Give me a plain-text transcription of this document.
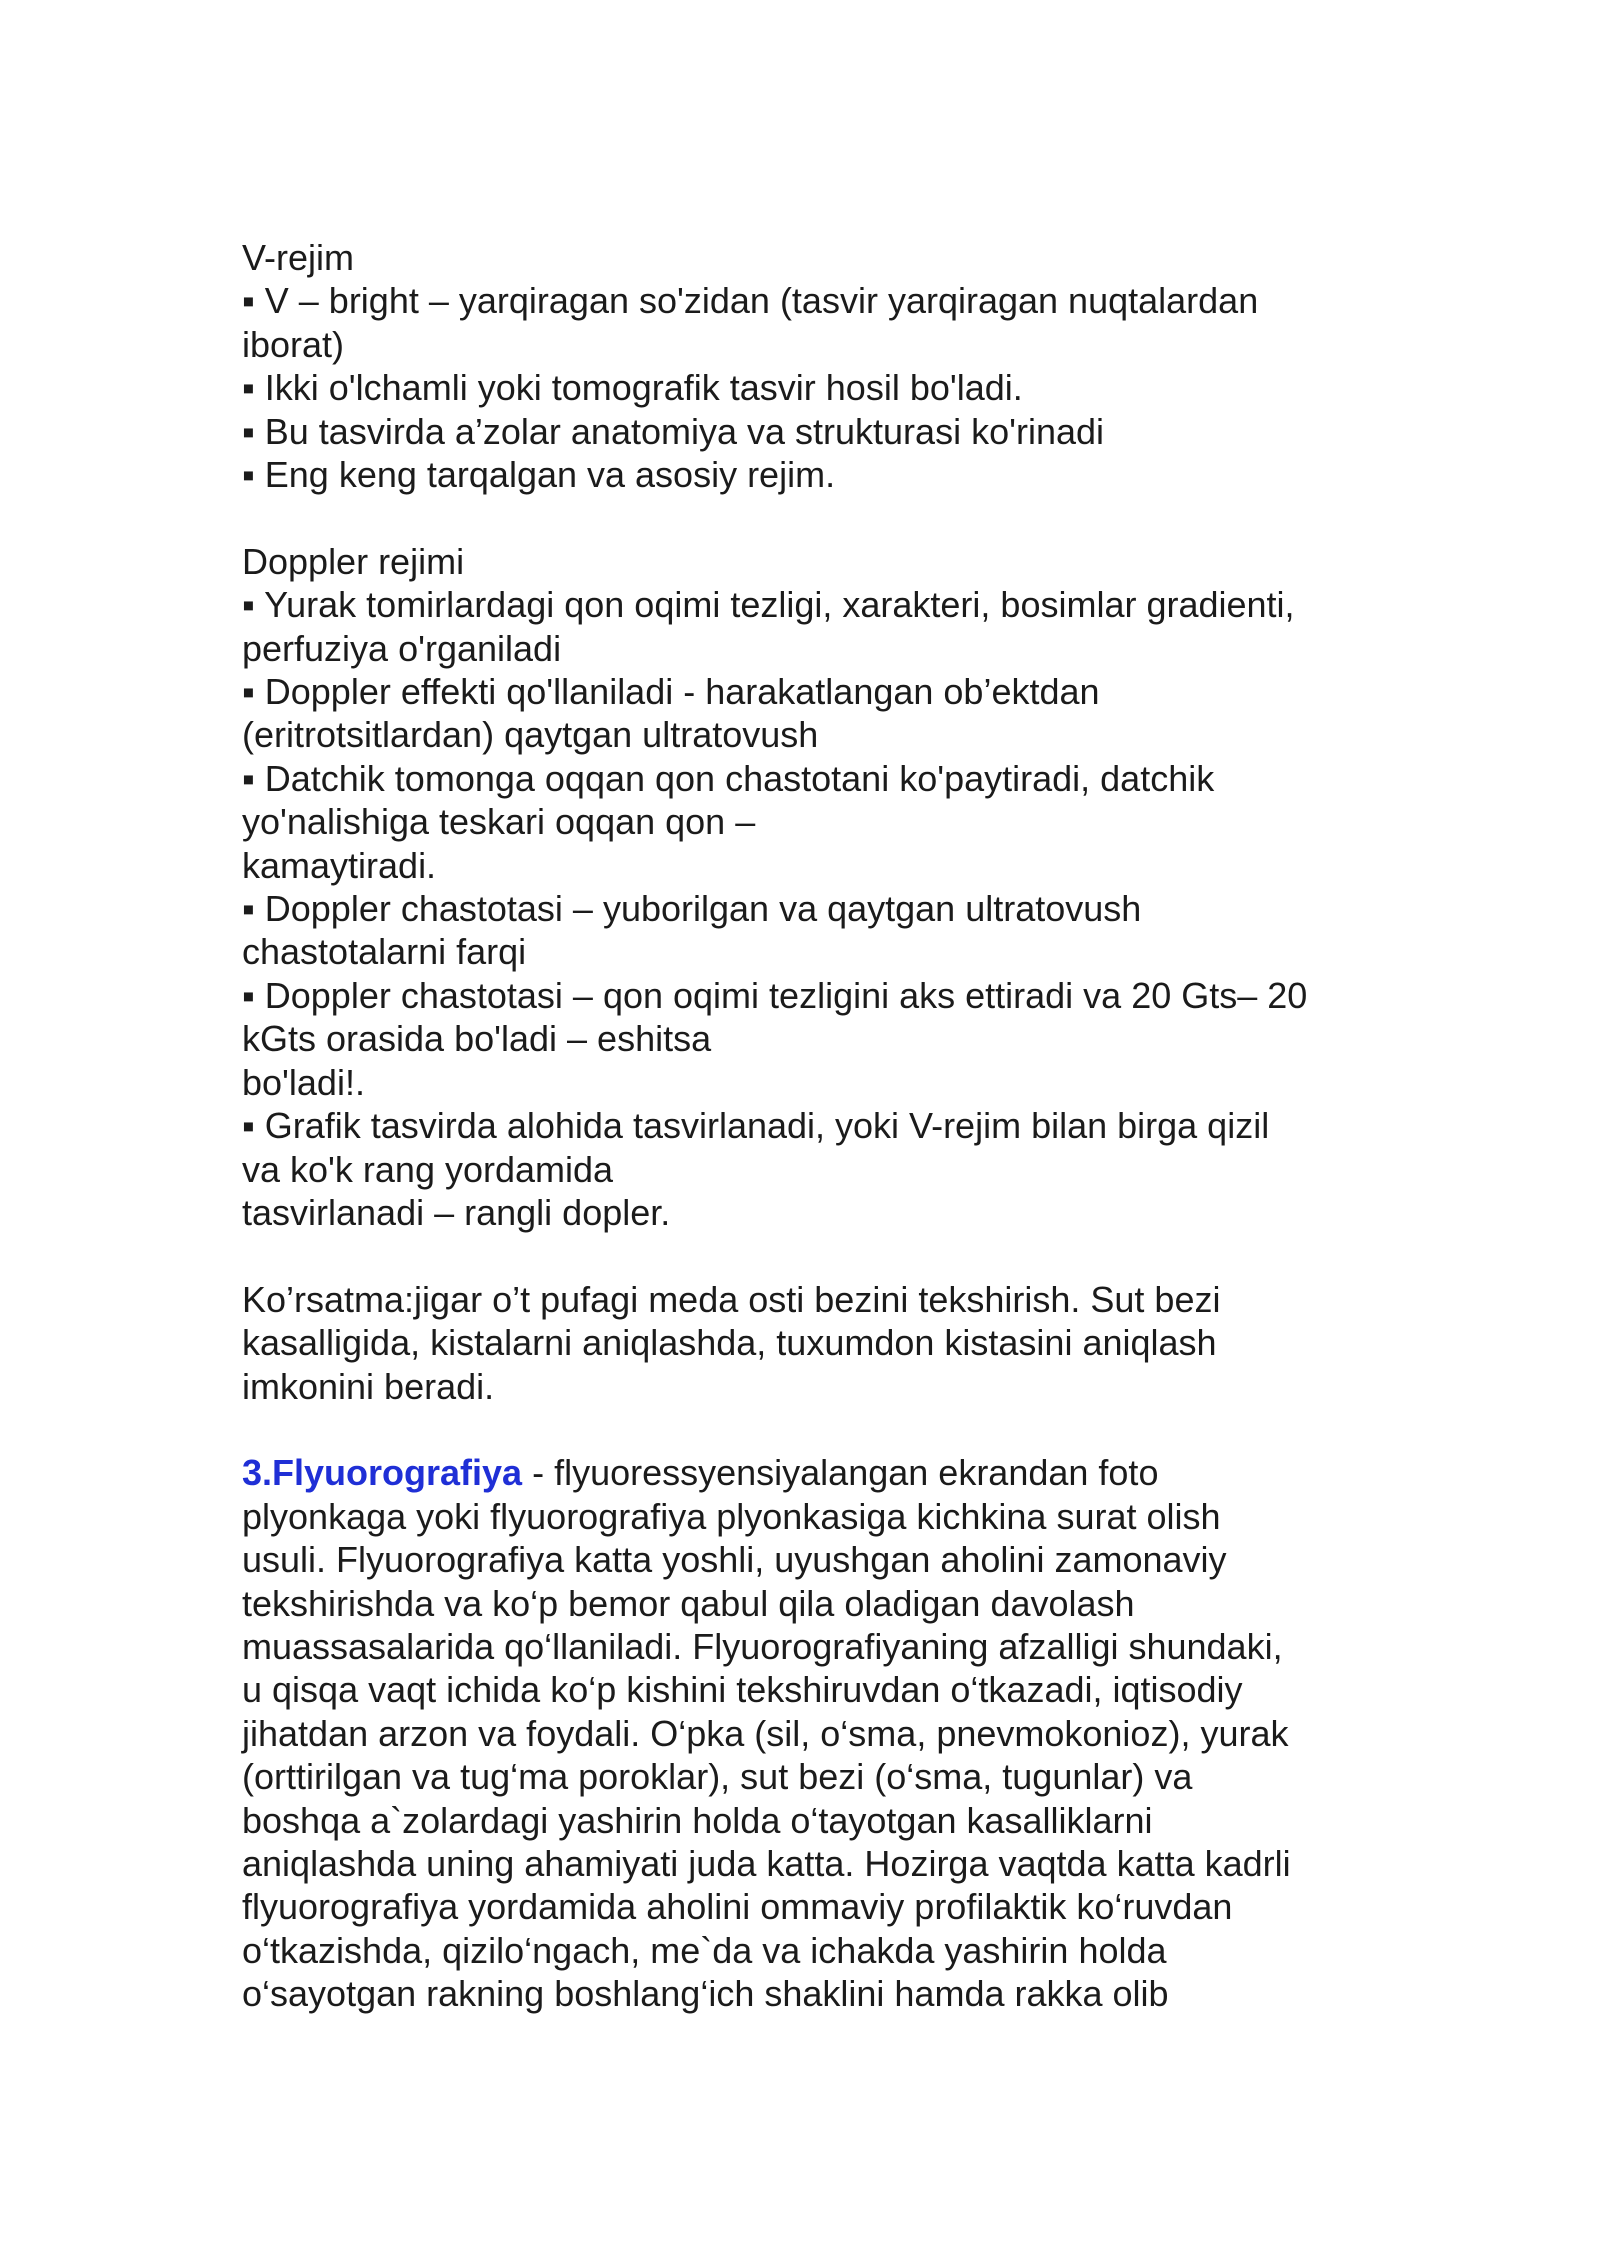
V-rejim
▪ V – bright – yarqiragan so'zidan (tasvir yarqiragan nuqtalardan
iborat)
▪ Ikki o'lchamli yoki tomografik tasvir hosil bo'ladi.
▪ Bu tasvirda a’zolar anatomiya va strukturasi ko'rinadi
▪ Eng keng tarqalgan va asosiy rejim.
Doppler rejimi
▪ Yurak tomirlardagi qon oqimi tezligi, xarakteri, bosimlar gradienti,
perfuziya o'rganiladi
▪ Doppler effekti qo'llaniladi - harakatlangan ob’ektdan
(eritrotsitlardan) qaytgan ultratovush
▪ Datchik tomonga oqqan qon chastotani ko'paytiradi, datchik
yo'nalishiga teskari oqqan qon –
kamaytiradi.
▪ Doppler chastotasi – yuborilgan va qaytgan ultratovush
chastotalarni farqi
▪ Doppler chastotasi – qon oqimi tezligini aks ettiradi va 20 Gts– 20
kGts orasida bo'ladi – eshitsa
bo'ladi!.
▪ Grafik tasvirda alohida tasvirlanadi, yoki V-rejim bilan birga qizil
va ko'k rang yordamida
tasvirlanadi – rangli dopler.
Ko’rsatma:jigar o’t pufagi meda osti bezini tekshirish. Sut bezi
kasalligida, kistalarni aniqlashda, tuxumdon kistasini aniqlash
imkonini beradi.
3.Flyuorografiya - flyuoressyensiyalangan ekrandan foto
plyonkaga yoki flyuorografiya plyonkasiga kichkina surat olish
usuli. Flyuorografiya katta yoshli, uyushgan aholini zamonaviy
tekshirishda va ko‘p bemor qabul qila oladigan davolash
muassasalarida qo‘llaniladi. Flyuorografiyaning afzalligi shundaki,
u qisqa vaqt ichida ko‘p kishini tekshiruvdan o‘tkazadi, iqtisodiy
jihatdan arzon va foydali. O‘pka (sil, o‘sma, pnevmokonioz), yurak
(orttirilgan va tug‘ma poroklar), sut bezi (o‘sma, tugunlar) va
boshqa a`zolardagi yashirin holda o‘tayotgan kasalliklarni
aniqlashda uning ahamiyati juda katta. Hozirga vaqtda katta kadrli
flyuorografiya yordamida aholini ommaviy profilaktik ko‘ruvdan
o‘tkazishda, qizilo‘ngach, me`da va ichakda yashirin holda
o‘sayotgan rakning boshlang‘ich shaklini hamda rakka olib
